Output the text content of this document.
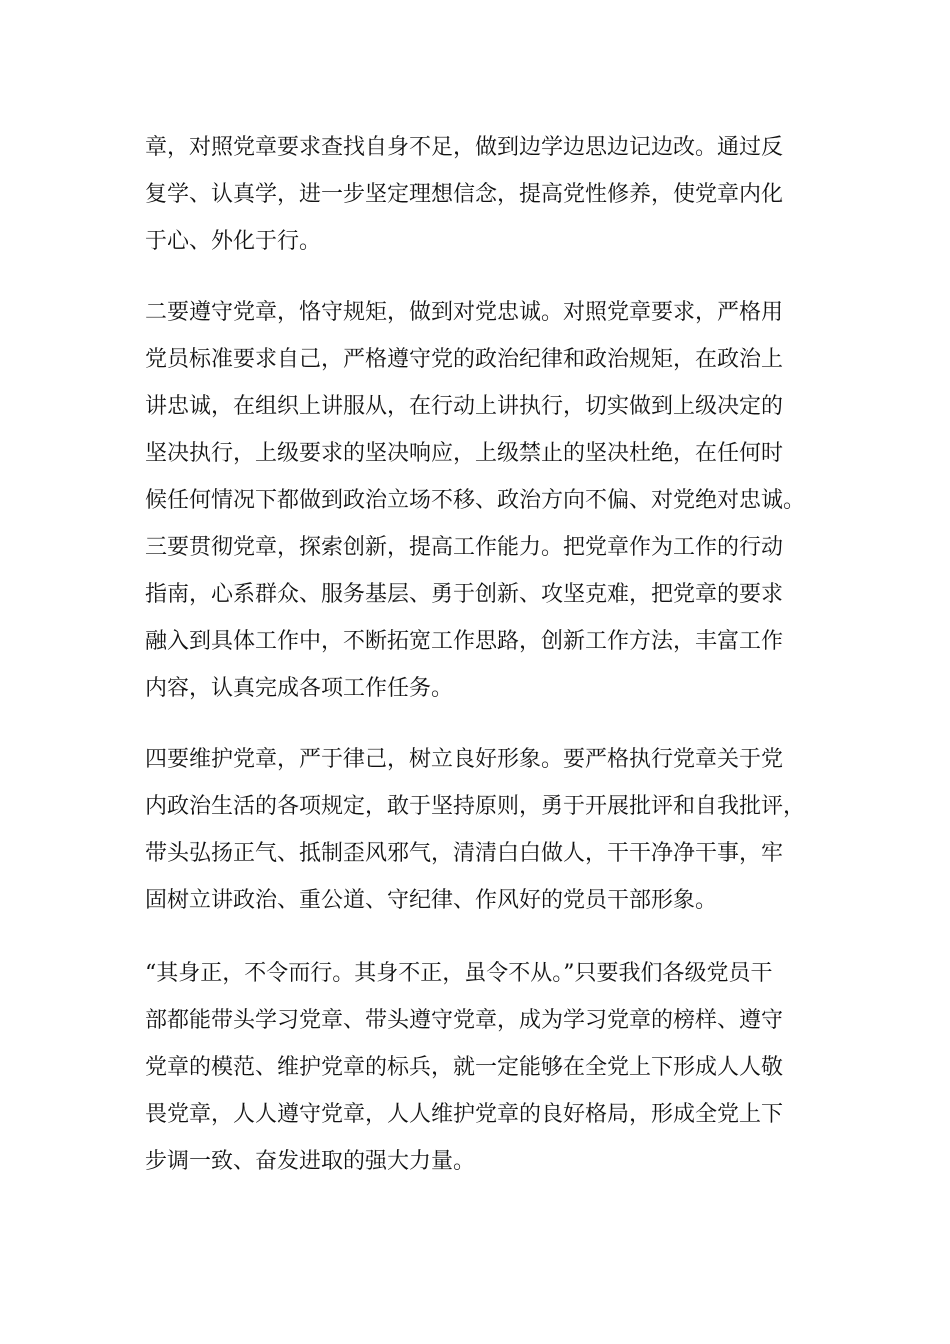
章，对照党章要求查找自身不足，做到边学边思边记边改。通过反
复学、认真学，进一步坚定理想信念，提高党性修养，使党章内化
于心、外化于行。
二要遵守党章，恪守规矩，做到对党忠诚。对照党章要求，严格用
党员标准要求自己，严格遵守党的政治纪律和政治规矩，在政治上
讲忠诚，在组织上讲服从，在行动上讲执行，切实做到上级决定的
坚决执行，上级要求的坚决响应，上级禁止的坚决杜绝，在任何时
候任何情况下都做到政治立场不移、政治方向不偏、对党绝对忠诚。
三要贯彻党章，探索创新，提高工作能力。把党章作为工作的行动
指南，心系群众、服务基层、勇于创新、攻坚克难，把党章的要求
融入到具体工作中，不断拓宽工作思路，创新工作方法，丰富工作
内容，认真完成各项工作任务。
四要维护党章，严于律己，树立良好形象。要严格执行党章关于党
内政治生活的各项规定，敢于坚持原则，勇于开展批评和自我批评，
带头弘扬正气、抵制歪风邪气，清清白白做人，干干净净干事，牢
固树立讲政治、重公道、守纪律、作风好的党员干部形象。
“其身正，不令而行。其身不正，虽令不从。”只要我们各级党员干
部都能带头学习党章、带头遵守党章，成为学习党章的榜样、遵守
党章的模范、维护党章的标兵，就一定能够在全党上下形成人人敬
畏党章，人人遵守党章，人人维护党章的良好格局，形成全党上下
步调一致、奋发进取的强大力量。
